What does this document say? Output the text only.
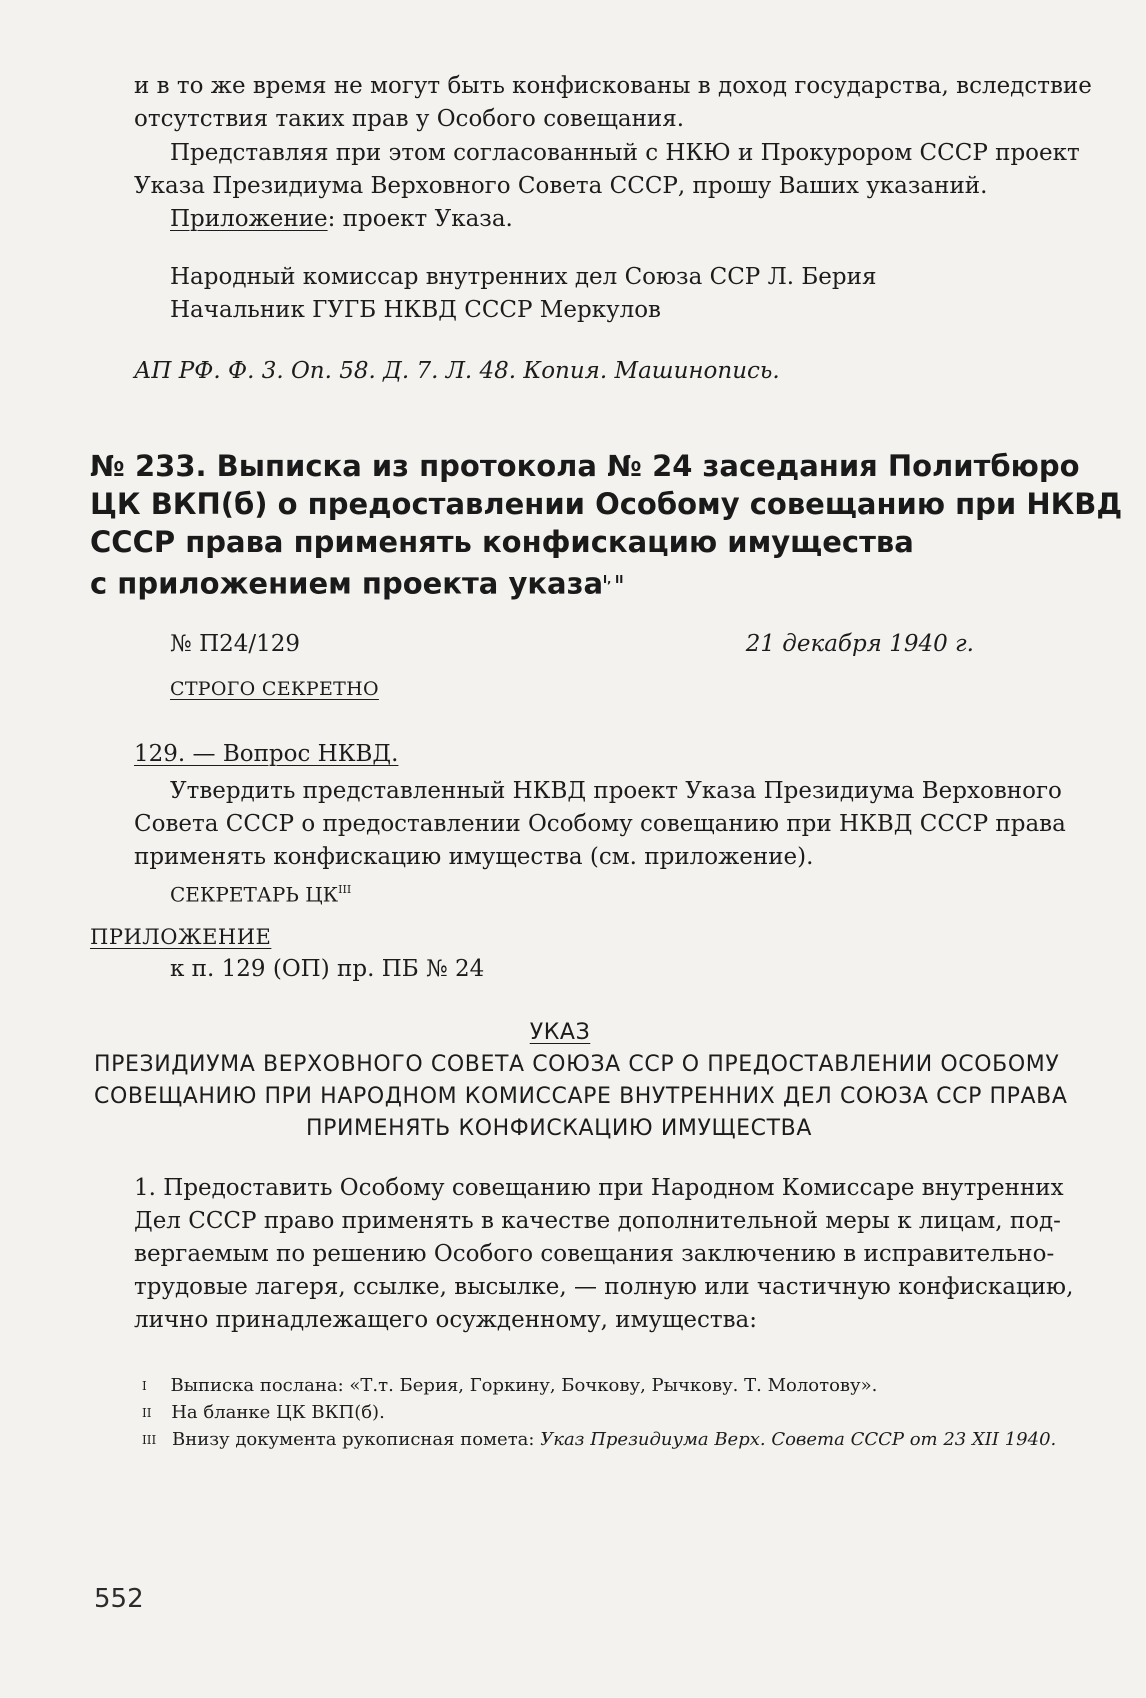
и в то же время не могут быть конфискованы в доход государства, вследствие
отсутствия таких прав у Особого совещания.
Представляя при этом согласованный с НКЮ и Прокурором СССР проект
Указа Президиума Верховного Совета СССР, прошу Ваших указаний.
Приложение: проект Указа.
Народный комиссар внутренних дел Союза ССР Л. Берия
Начальник ГУГБ НКВД СССР Меркулов
АП РФ. Ф. 3. Оп. 58. Д. 7. Л. 48. Копия. Машинопись.
№ 233. Выписка из протокола № 24 заседания Политбюро
ЦК ВКП(б) о предоставлении Особому совещанию при НКВД
СССР права применять конфискацию имущества
с приложением проекта указа$^{I, II}$
№ П24/129	21 декабря 1940 г.
СТРОГО СЕКРЕТНО
129. — Вопрос НКВД.
Утвердить представленный НКВД проект Указа Президиума Верховного
Совета СССР о предоставлении Особому совещанию при НКВД СССР права
применять конфискацию имущества (см. приложение).
СЕКРЕТАРЬ $ЦК^{III}$
ПРИЛОЖЕНИЕ
к п. 129 (ОП) пр. ПБ № 24
УКАЗ
ПРЕЗИДИУМА ВЕРХОВНОГО СОВЕТА СОЮЗА ССР О ПРЕДОСТАВЛЕНИИ ОСОБОМУ
СОВЕЩАНИЮ ПРИ НАРОДНОМ КОМИССАРЕ ВНУТРЕННИХ ДЕЛ СОЮЗА ССР ПРАВА
ПРИМЕНЯТЬ КОНФИСКАЦИЮ ИМУЩЕСТВА
1. Предоставить Особому совещанию при Народном Комиссаре внутренних
Дел СССР право применять в качестве дополнительной меры к лицам, под-
вергаемым по решению Особого совещания заключению в исправительно-
трудовые лагеря, ссылке, высылке, — полную или частичную конфискацию,
лично принадлежащего осужденному, имущества:
$^I$ Выписка послана: «Т.т. Берия, Горкину, Бочкову, Рычкову. Т. Молотову».
$^{II}$ На бланке ЦК ВКП(б).
$^{III}$ Внизу документа рукописная помета: Указ Президиума Верх. Совета СССР от 23 XII 1940.
552
